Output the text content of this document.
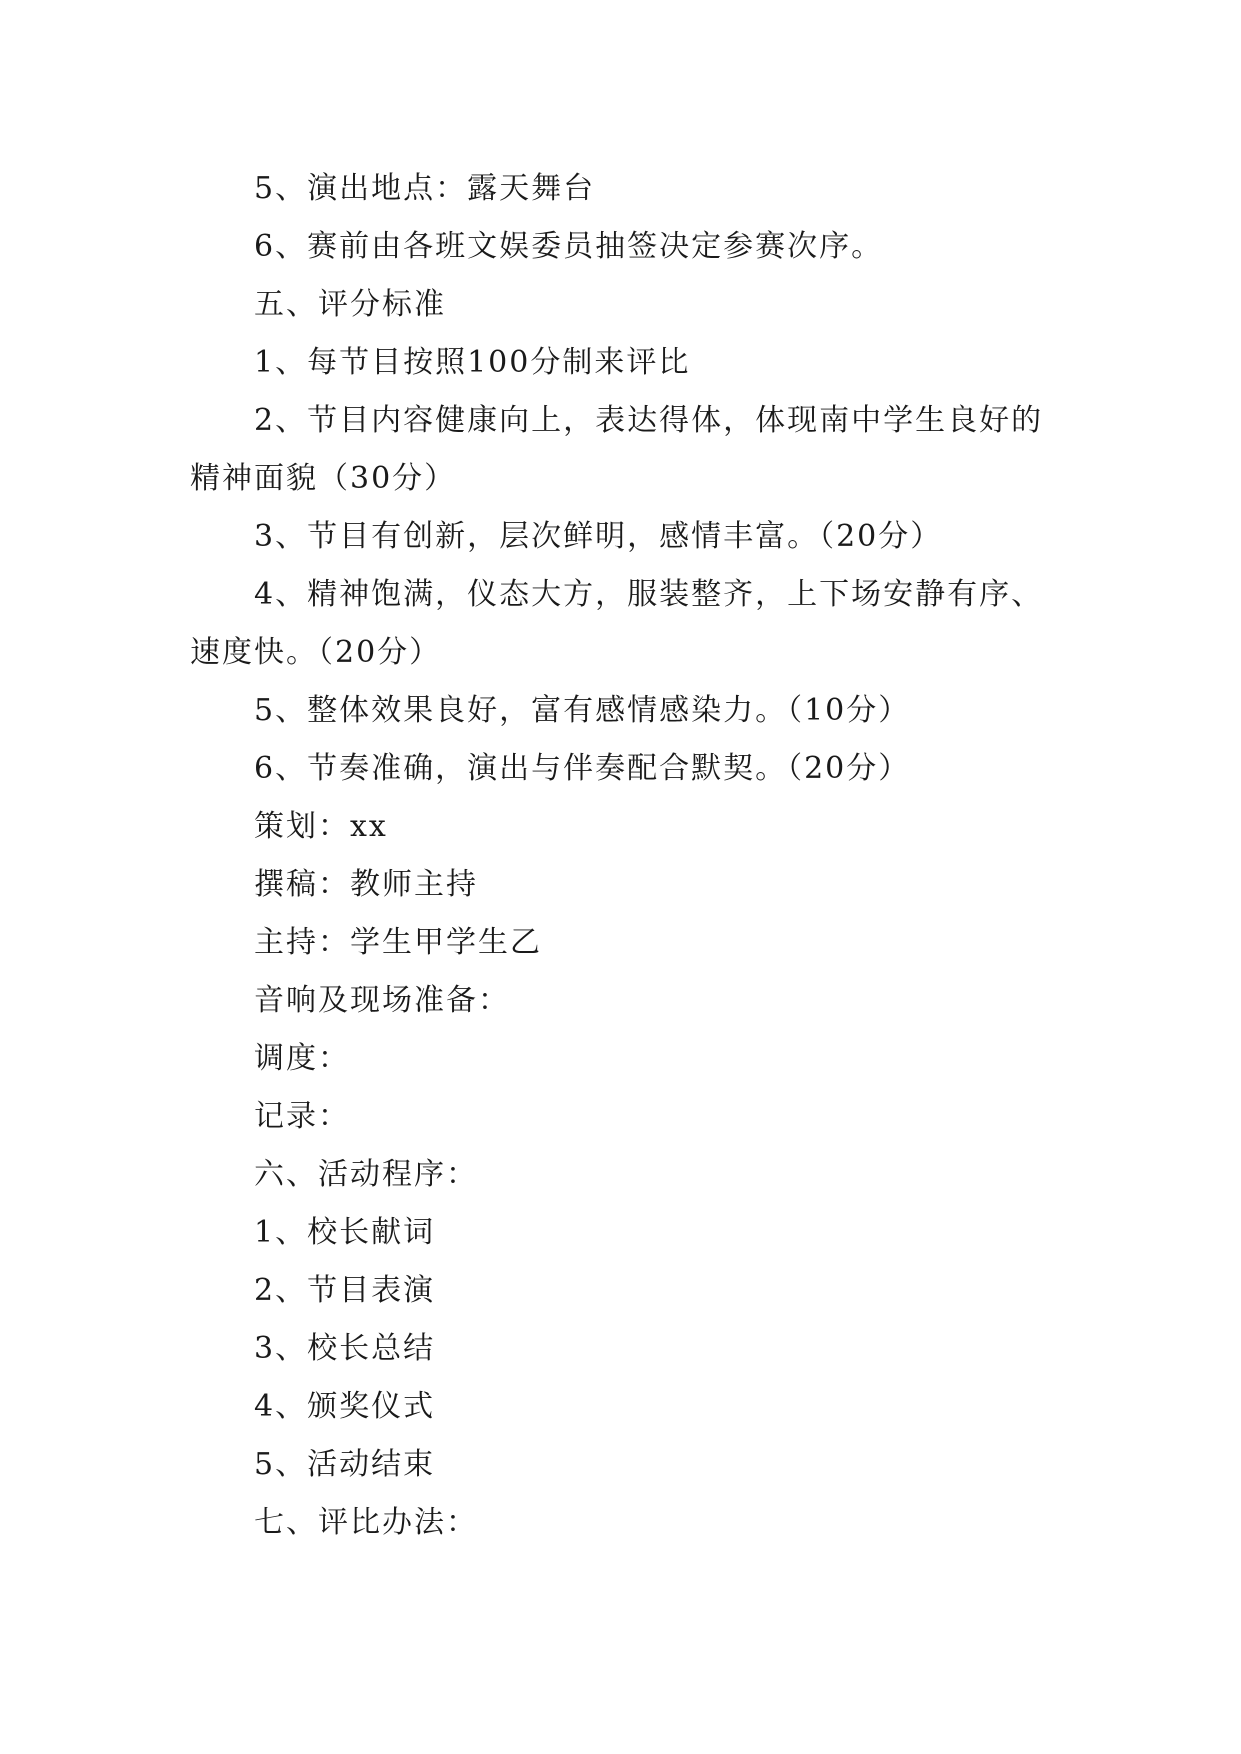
5、演出地点：露天舞台

6、赛前由各班文娱委员抽签决定参赛次序。

五、评分标准

1、每节目按照100分制来评比

2、节目内容健康向上，表达得体，体现南中学生良好的精神面貌（30分）

3、节目有创新，层次鲜明，感情丰富。（20分）

4、精神饱满，仪态大方，服装整齐，上下场安静有序、速度快。（20分）

5、整体效果良好，富有感情感染力。（10分）

6、节奏准确，演出与伴奏配合默契。（20分）

策划：xx

撰稿：教师主持

主持：学生甲学生乙

音响及现场准备：

调度：

记录：

六、活动程序：

1、校长献词

2、节目表演

3、校长总结

4、颁奖仪式

5、活动结束

七、评比办法：
